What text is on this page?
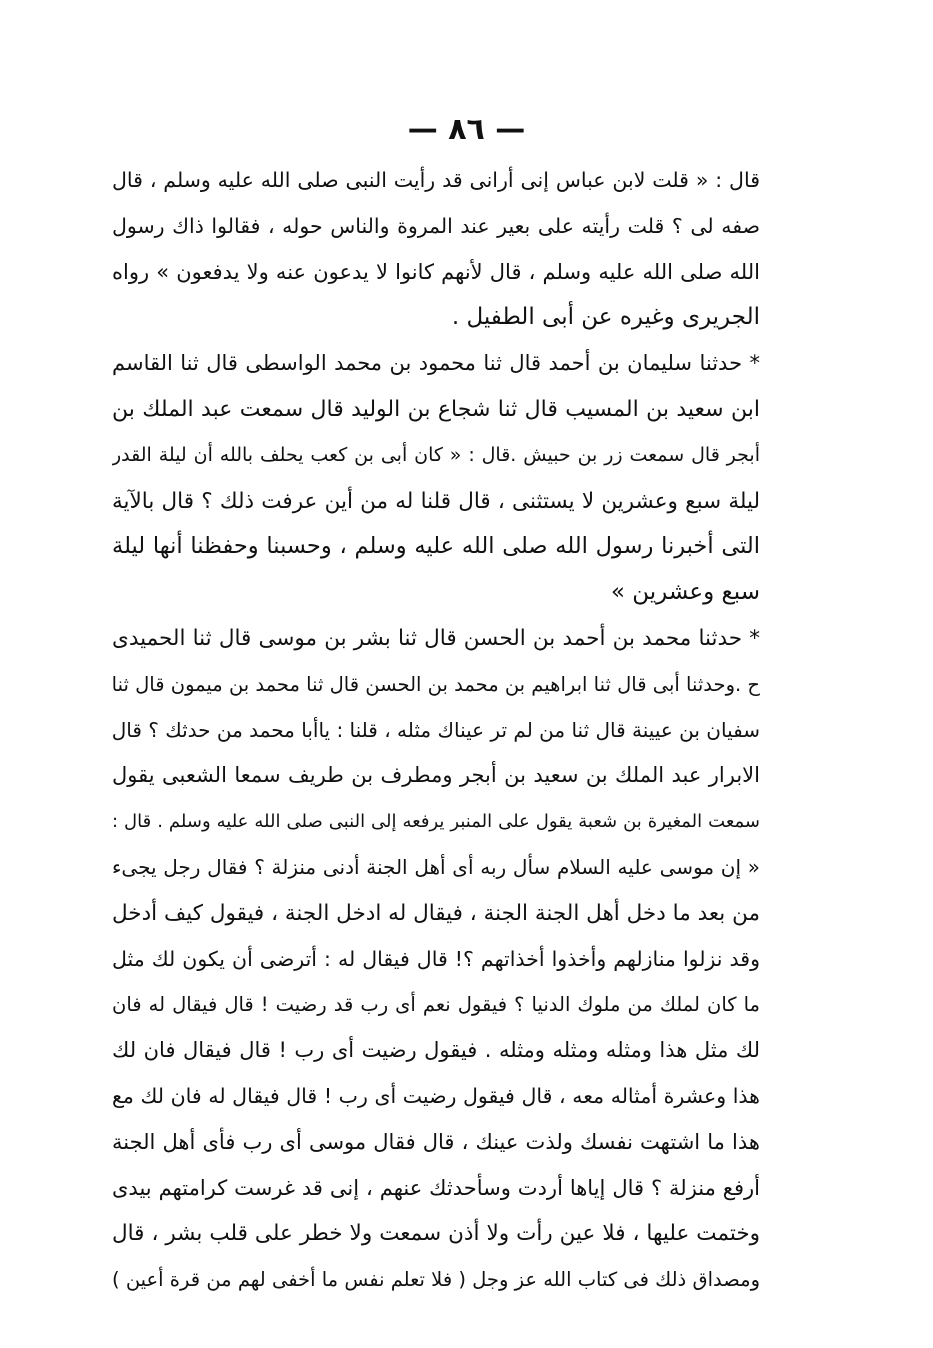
— ٨٦ —
قال : « قلت لابن عباس إنى أرانى قد رأيت النبى صلى الله عليه وسلم ، قال
صفه لى ؟ قلت رأيته على بعير عند المروة والناس حوله ، فقالوا ذاك رسول
الله صلى الله عليه وسلم ، قال لأنهم كانوا لا يدعون عنه ولا يدفعون » رواه
الجريرى وغيره عن أبى الطفيل .
* حدثنا سليمان بن أحمد قال ثنا محمود بن محمد الواسطى قال ثنا القاسم
ابن سعيد بن المسيب قال ثنا شجاع بن الوليد قال سمعت عبد الملك بن
أبجر قال سمعت زر بن حبيش .قال : « كان أبى بن كعب يحلف بالله أن ليلة القدر
ليلة سبع وعشرين لا يستثنى ، قال قلنا له من أين عرفت ذلك ؟ قال بالآية
التى أخبرنا رسول الله صلى الله عليه وسلم ، وحسبنا وحفظنا أنها ليلة
سبع وعشرين »
* حدثنا محمد بن أحمد بن الحسن قال ثنا بشر بن موسى قال ثنا الحميدى
ح .وحدثنا أبى قال ثنا ابراهيم بن محمد بن الحسن قال ثنا محمد بن ميمون قال ثنا
سفيان بن عيينة قال ثنا من لم تر عيناك مثله ، قلنا : ياأبا محمد من حدثك ؟ قال
الابرار عبد الملك بن سعيد بن أبجر ومطرف بن طريف سمعا الشعبى يقول
سمعت المغيرة بن شعبة يقول على المنبر يرفعه إلى النبى صلى الله عليه وسلم . قال :
« إن موسى عليه السلام سأل ربه أى أهل الجنة أدنى منزلة ؟ فقال رجل يجىء
من بعد ما دخل أهل الجنة الجنة ، فيقال له ادخل الجنة ، فيقول كيف أدخل
وقد نزلوا منازلهم وأخذوا أخذاتهم ؟! قال فيقال له : أترضى أن يكون لك مثل
ما كان لملك من ملوك الدنيا ؟ فيقول نعم أى رب قد رضيت ! قال فيقال له فان
لك مثل هذا ومثله ومثله ومثله . فيقول رضيت أى رب ! قال فيقال فان لك
هذا وعشرة أمثاله معه ، قال فيقول رضيت أى رب ! قال فيقال له فان لك مع
هذا ما اشتهت نفسك ولذت عينك ، قال فقال موسى أى رب فأى أهل الجنة
أرفع منزلة ؟ قال إياها أردت وسأحدثك عنهم ، إنى قد غرست كرامتهم بيدى
وختمت عليها ، فلا عين رأت ولا أذن سمعت ولا خطر على قلب بشر ، قال
ومصداق ذلك فى كتاب الله عز وجل ( فلا تعلم نفس ما أخفى لهم من قرة أعين )
